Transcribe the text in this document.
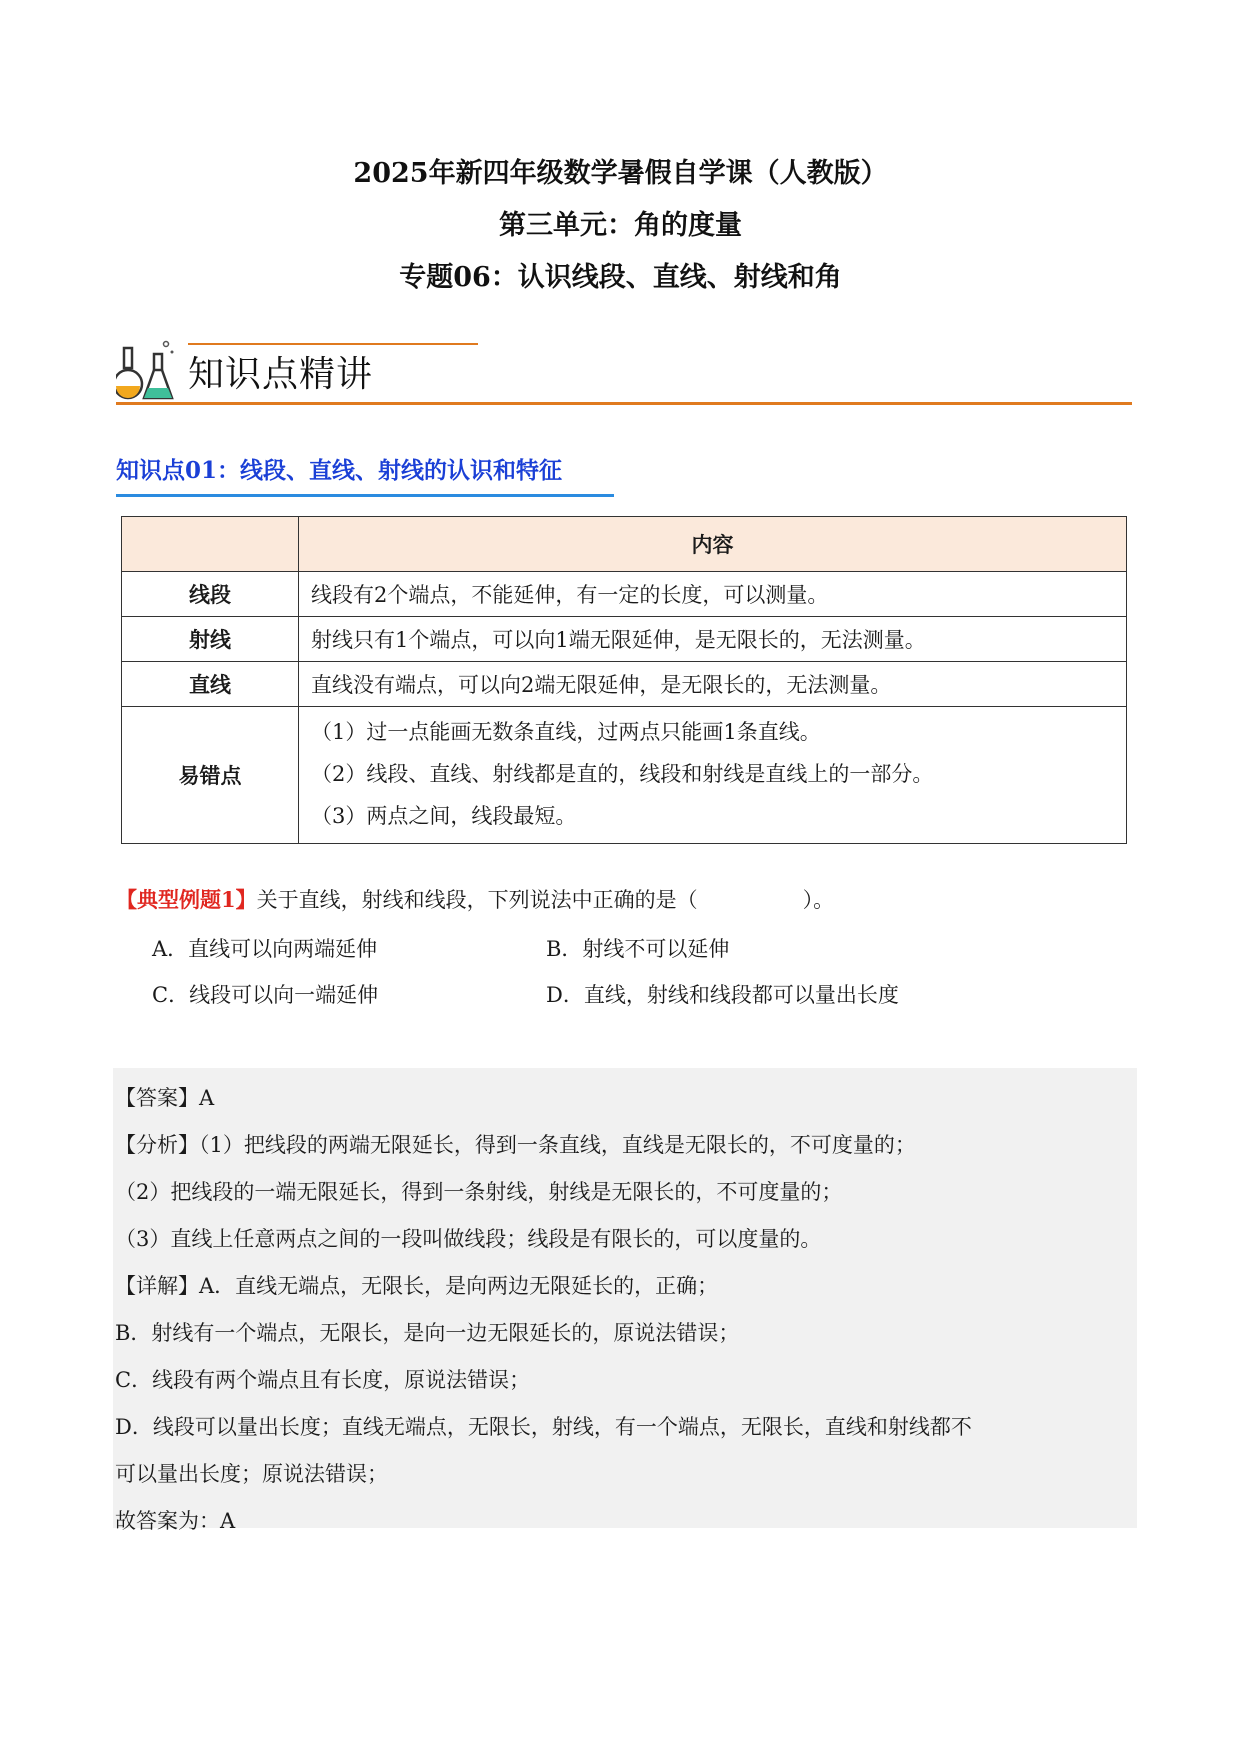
2025年新四年级数学暑假自学课（人教版）
第三单元：角的度量
专题06：认识线段、直线、射线和角
知识点精讲
知识点01：线段、直线、射线的认识和特征
	内容
线段	线段有2个端点，不能延伸，有一定的长度，可以测量。
射线	射线只有1个端点，可以向1端无限延伸，是无限长的，无法测量。
直线	直线没有端点，可以向2端无限延伸，是无限长的，无法测量。
易错点	（1）过一点能画无数条直线，过两点只能画1条直线。
（2）线段、直线、射线都是直的，线段和射线是直线上的一部分。
（3）两点之间，线段最短。
【典型例题1】关于直线，射线和线段，下列说法中正确的是（　　　　　）。
A．直线可以向两端延伸	B．射线不可以延伸
C．线段可以向一端延伸	D．直线，射线和线段都可以量出长度
【答案】A
【分析】（1）把线段的两端无限延长，得到一条直线，直线是无限长的，不可度量的；
（2）把线段的一端无限延长，得到一条射线，射线是无限长的，不可度量的；
（3）直线上任意两点之间的一段叫做线段；线段是有限长的，可以度量的。
【详解】A．直线无端点，无限长，是向两边无限延长的，正确；
B．射线有一个端点，无限长，是向一边无限延长的，原说法错误；
C．线段有两个端点且有长度，原说法错误；
D．线段可以量出长度；直线无端点，无限长，射线，有一个端点，无限长，直线和射线都不
可以量出长度；原说法错误；
故答案为：A
